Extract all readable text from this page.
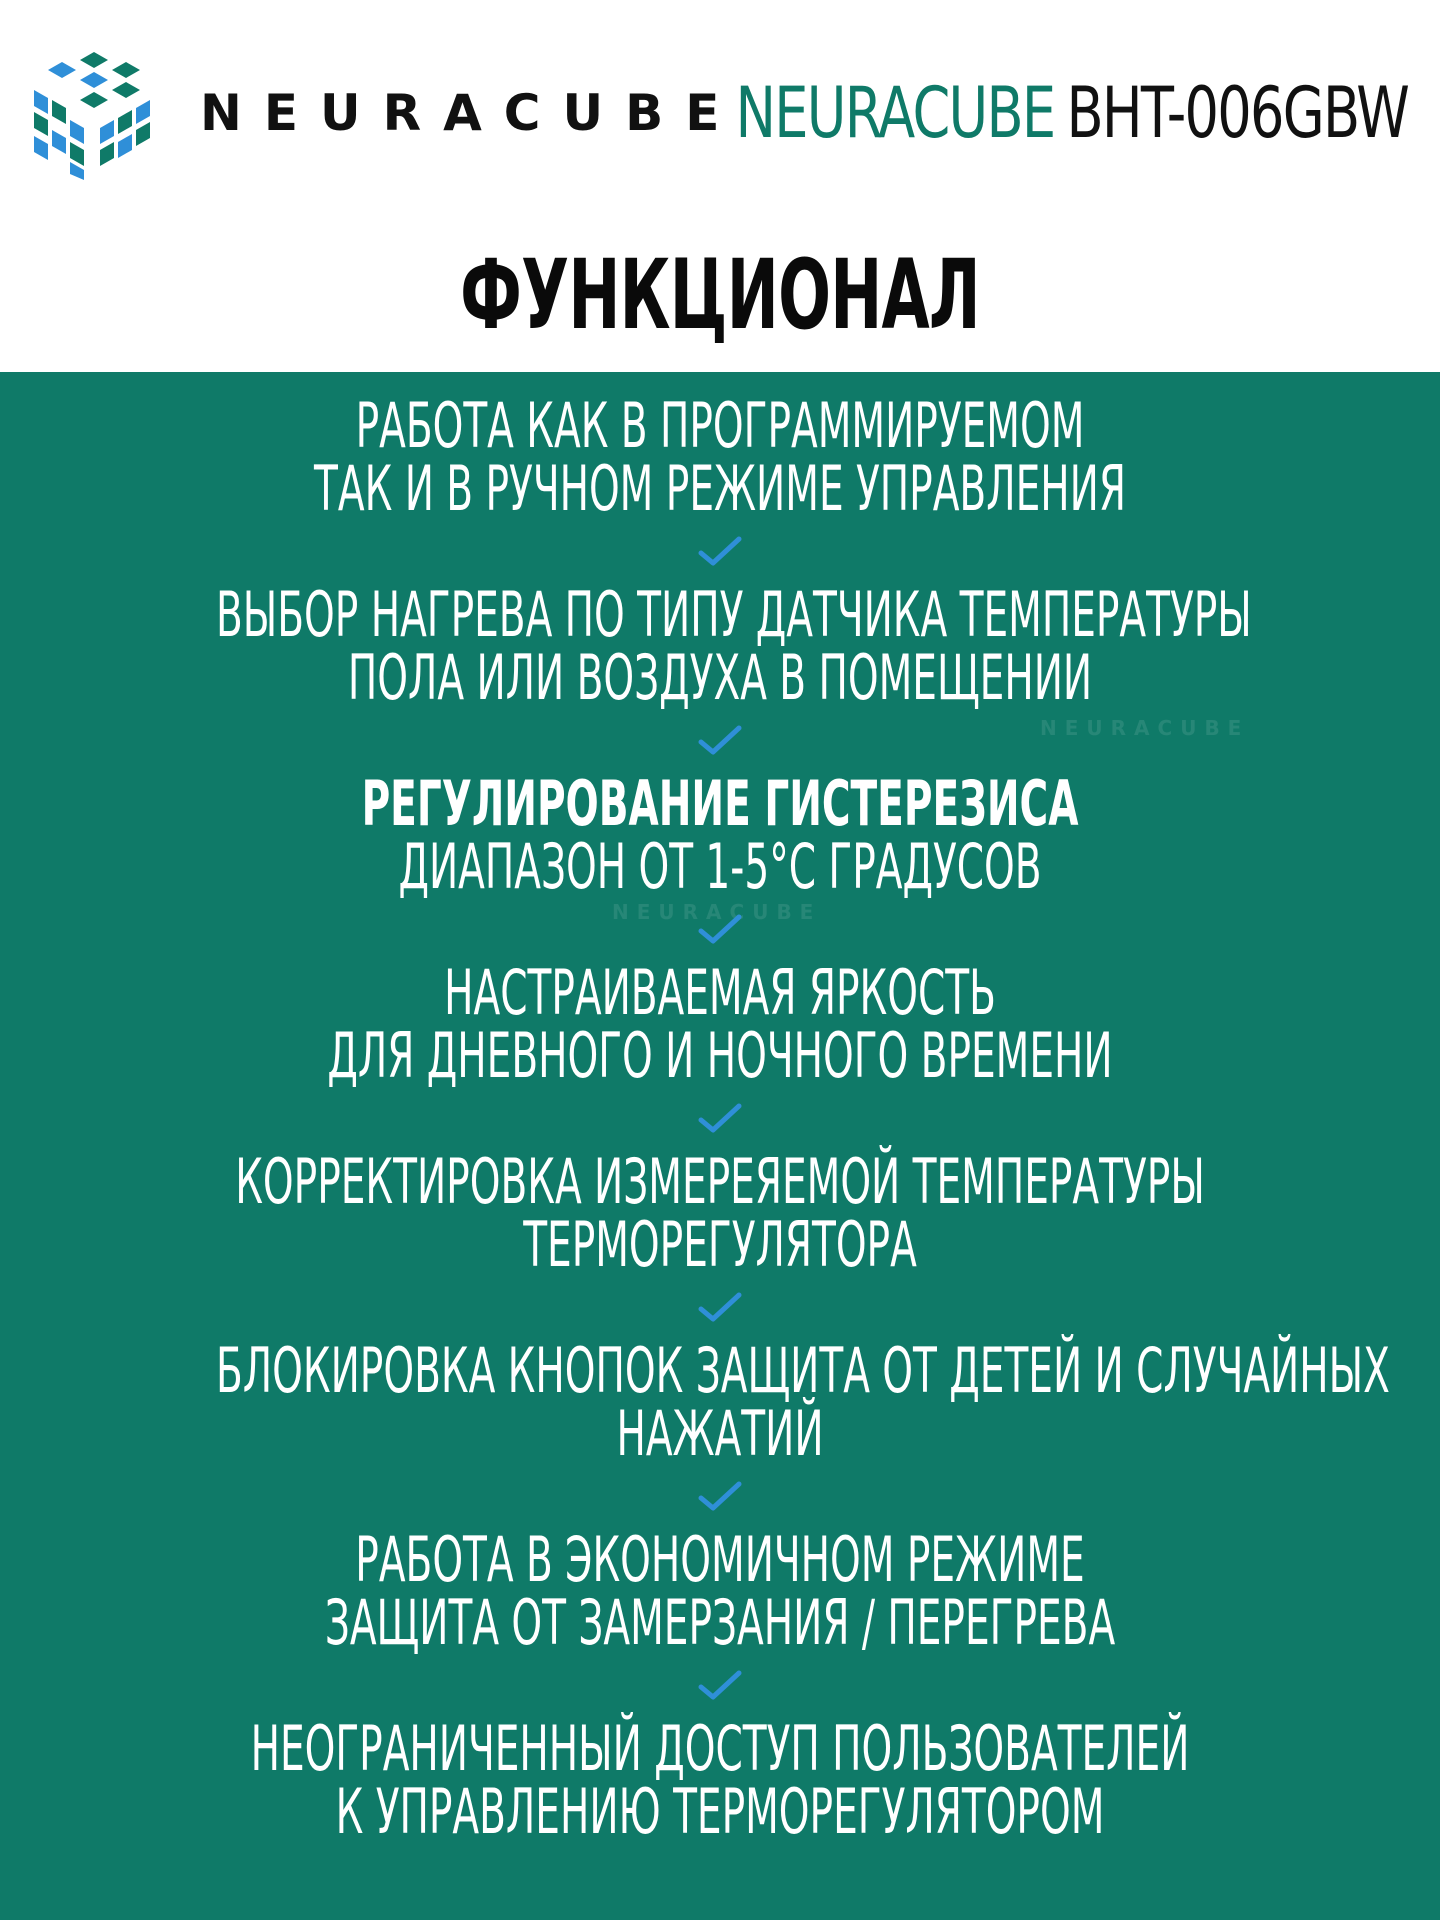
NEURACUBE
NEURACUBE BHT-006GBW
ФУНКЦИОНАЛ
NEURACUBE
NEURACUBE
РАБОТА КАК В ПРОГРАММИРУЕМОМ
ТАК И В РУЧНОМ РЕЖИМЕ УПРАВЛЕНИЯ
ВЫБОР НАГРЕВА ПО ТИПУ ДАТЧИКА ТЕМПЕРАТУРЫ
ПОЛА ИЛИ ВОЗДУХА В ПОМЕЩЕНИИ
РЕГУЛИРОВАНИЕ ГИСТЕРЕЗИСА
ДИАПАЗОН ОТ 1-5°С ГРАДУСОВ
НАСТРАИВАЕМАЯ ЯРКОСТЬ
ДЛЯ ДНЕВНОГО И НОЧНОГО ВРЕМЕНИ
КОРРЕКТИРОВКА ИЗМЕРЕЯЕМОЙ ТЕМПЕРАТУРЫ
ТЕРМОРЕГУЛЯТОРА
БЛОКИРОВКА КНОПОК ЗАЩИТА ОТ ДЕТЕЙ И СЛУЧАЙНЫХ
НАЖАТИЙ
РАБОТА В ЭКОНОМИЧНОМ РЕЖИМЕ
ЗАЩИТА ОТ ЗАМЕРЗАНИЯ / ПЕРЕГРЕВА
НЕОГРАНИЧЕННЫЙ ДОСТУП ПОЛЬЗОВАТЕЛЕЙ
К УПРАВЛЕНИЮ ТЕРМОРЕГУЛЯТОРОМ
